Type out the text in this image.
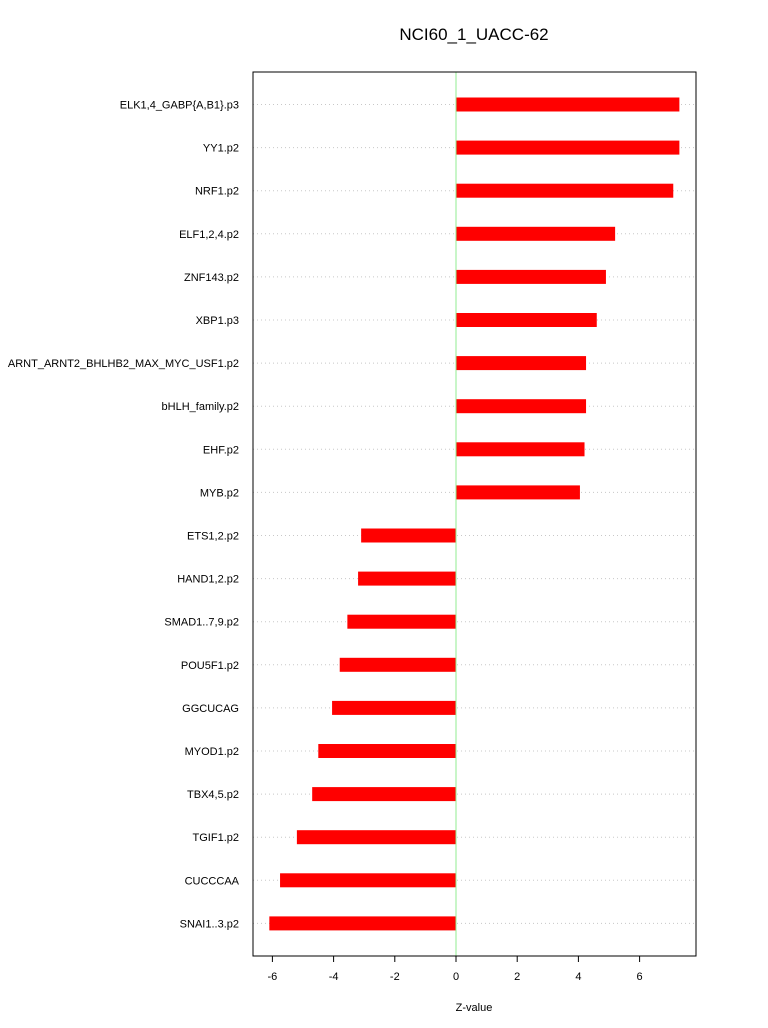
NCI60_1_UACC-62
ELK1,4_GABP{A,B1}.p3
YY1.p2
NRF1.p2
ELF1,2,4.p2
ZNF143.p2
XBP1.p3
ARNT_ARNT2_BHLHB2_MAX_MYC_USF1.p2
bHLH_family.p2
EHF.p2
MYB.p2
ETS1,2.p2
HAND1,2.p2
SMAD1..7,9.p2
POU5F1.p2
GGCUCAG
MYOD1.p2
TBX4,5.p2
TGIF1.p2
CUCCCAA
SNAI1..3.p2
-6	-4	-2	0	2	4	6
Z-value
